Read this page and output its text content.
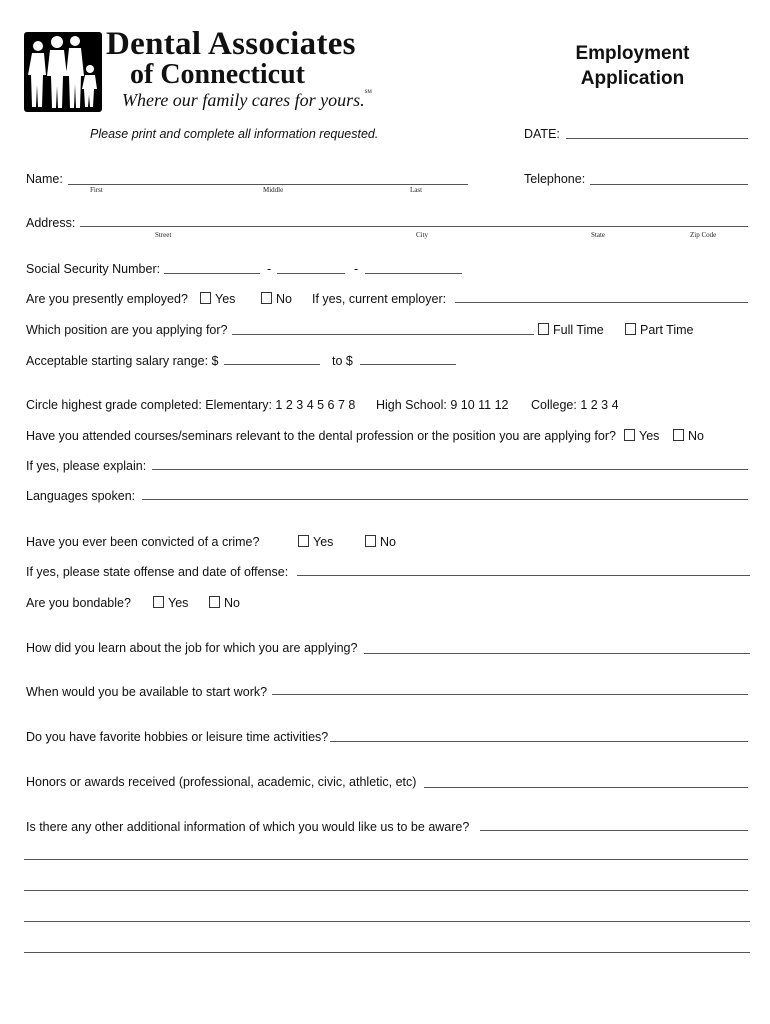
Dental Associates
of Connecticut
Where our family cares for yours.℠
Employment
Application
Please print and complete all information requested.	DATE:
Name:
First	Middle	Last
Telephone:
Address:
Street	City	State	Zip Code
Social Security Number:	-	-
Are you presently employed?	Yes	No If yes, current employer:
Which position are you applying for?	Full Time	Part Time
Acceptable starting salary range: $	to $
Circle highest grade completed: Elementary: 1 2 3 4 5 6 7 8 High School: 9 10 11 12 College: 1 2 3 4
Have you attended courses/seminars relevant to the dental profession or the position you are applying for?	Yes	No
If yes, please explain:
Languages spoken:
Have you ever been convicted of a crime?	Yes	No
If yes, please state offense and date of offense:
Are you bondable?	Yes	No
How did you learn about the job for which you are applying?
When would you be available to start work?
Do you have favorite hobbies or leisure time activities?
Honors or awards received (professional, academic, civic, athletic, etc)
Is there any other additional information of which you would like us to be aware?
